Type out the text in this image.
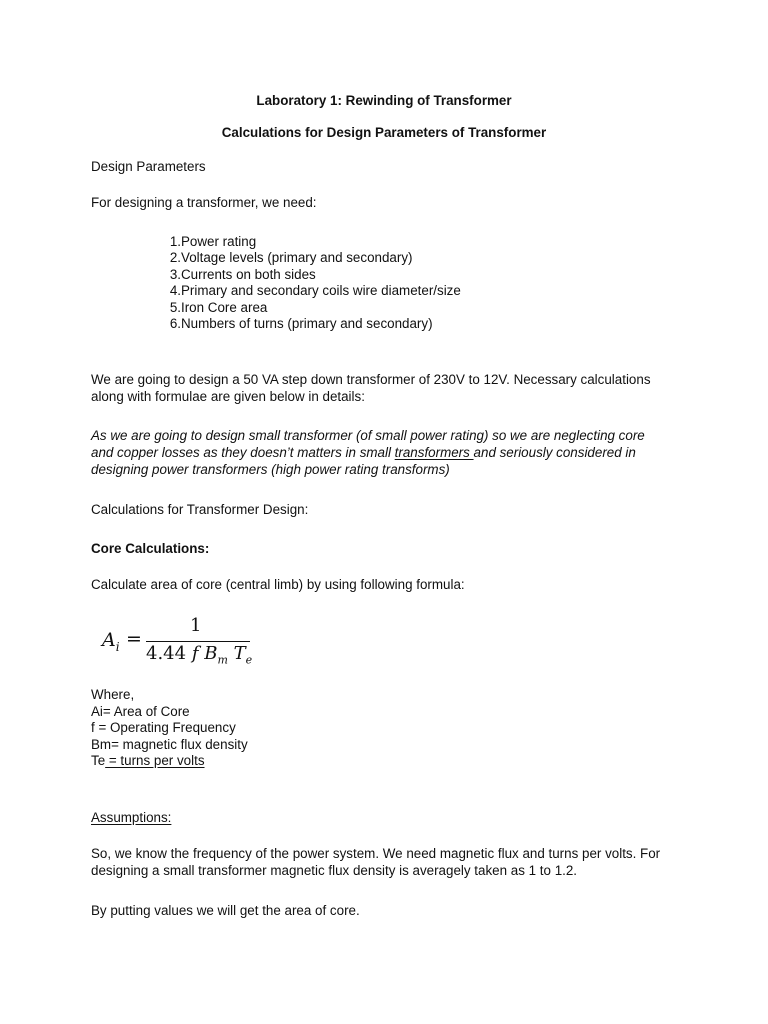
Laboratory 1: Rewinding of Transformer
Calculations for Design Parameters of Transformer
Design Parameters
For designing a transformer, we need:
1. Power rating
2. Voltage levels (primary and secondary)
3. Currents on both sides
4. Primary and secondary coils wire diameter/size
5. Iron Core area
6. Numbers of turns (primary and secondary)
We are going to design a 50 VA step down transformer of 230V to 12V. Necessary calculations
along with formulae are given below in details:
As we are going to design small transformer (of small power rating) so we are neglecting core
and copper losses as they doesn’t matters in small transformers and seriously considered in
designing power transformers (high power rating transforms)
Calculations for Transformer Design:
Core Calculations:
Calculate area of core (central limb) by using following formula:
$A_i$ =
1
4.44 f $B_m$ $T_e$
Where,
Ai= Area of Core
f = Operating Frequency
Bm= magnetic flux density
Te = turns per volts
Assumptions:
So, we know the frequency of the power system. We need magnetic flux and turns per volts. For
designing a small transformer magnetic flux density is averagely taken as 1 to 1.2.
By putting values we will get the area of core.
